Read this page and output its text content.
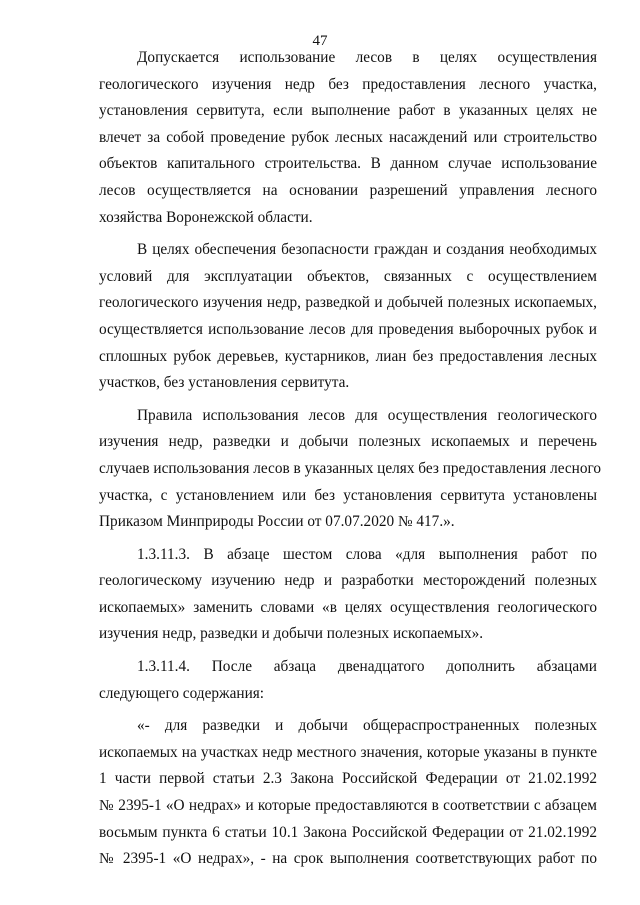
47
Допускается использование лесов в целях осуществления
геологического изучения недр без предоставления лесного участка,
установления сервитута, если выполнение работ в указанных целях не
влечет за собой проведение рубок лесных насаждений или строительство
объектов капитального строительства. В данном случае использование
лесов осуществляется на основании разрешений управления лесного
хозяйства Воронежской области.
В целях обеспечения безопасности граждан и создания необходимых
условий для эксплуатации объектов, связанных с осуществлением
геологического изучения недр, разведкой и добычей полезных ископаемых,
осуществляется использование лесов для проведения выборочных рубок и
сплошных рубок деревьев, кустарников, лиан без предоставления лесных
участков, без установления сервитута.
Правила использования лесов для осуществления геологического
изучения недр, разведки и добычи полезных ископаемых и перечень
случаев использования лесов в указанных целях без предоставления лесного
участка, с установлением или без установления сервитута установлены
Приказом Минприроды России от 07.07.2020 № 417.».
1.3.11.3. В абзаце шестом слова «для выполнения работ по
геологическому изучению недр и разработки месторождений полезных
ископаемых» заменить словами «в целях осуществления геологического
изучения недр, разведки и добычи полезных ископаемых».
1.3.11.4. После абзаца двенадцатого дополнить абзацами
следующего содержания:
«- для разведки и добычи общераспространенных полезных
ископаемых на участках недр местного значения, которые указаны в пункте
1 части первой статьи 2.3 Закона Российской Федерации от 21.02.1992
№ 2395-1 «О недрах» и которые предоставляются в соответствии с абзацем
восьмым пункта 6 статьи 10.1 Закона Российской Федерации от 21.02.1992
№ 2395-1 «О недрах», - на срок выполнения соответствующих работ по
